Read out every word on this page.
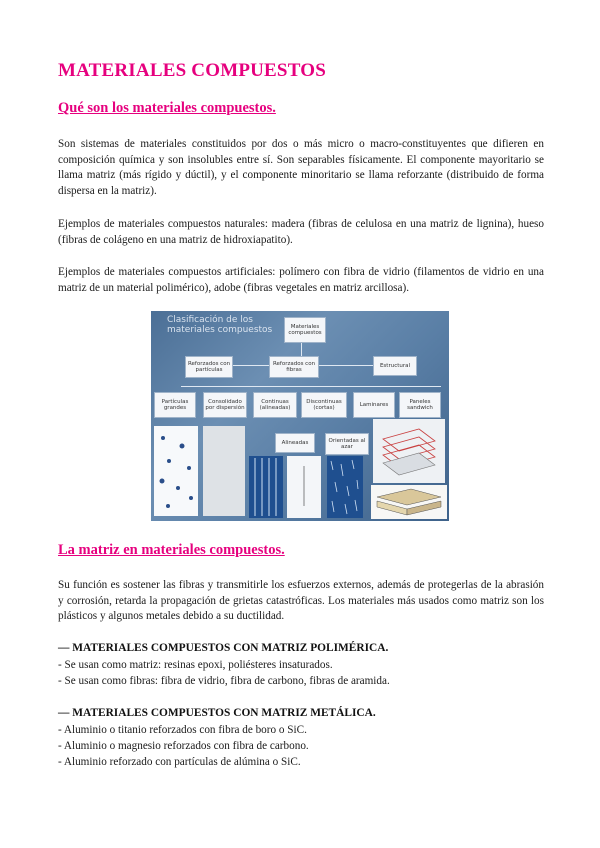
MATERIALES COMPUESTOS
Qué son los materiales compuestos.

Son sistemas de materiales constituidos por dos o más micro o macro-constituyentes que difieren en composición química y son insolubles entre sí. Son separables físicamente. El componente mayoritario se llama matriz (más rígido y dúctil), y el componente minoritario se llama reforzante (distribuido de forma dispersa en la matriz).

Ejemplos de materiales compuestos naturales: madera (fibras de celulosa en una matriz de lignina), hueso (fibras de colágeno en una matriz de hidroxiapatito).

Ejemplos de materiales compuestos artificiales: polímero con fibra de vidrio (filamentos de vidrio en una matriz de un material polimérico), adobe (fibras vegetales en matriz arcillosa).

La matriz en materiales compuestos.

Su función es sostener las fibras y transmitirle los esfuerzos externos, además de protegerlas de la abrasión y corrosión, retarda la propagación de grietas catastróficas. Los materiales más usados como matriz son los plásticos y algunos metales debido a su ductilidad.

— MATERIALES COMPUESTOS CON MATRIZ POLIMÉRICA.

- Se usan como matriz: resinas epoxi, poliésteres insaturados.
- Se usan como fibras: fibra de vidrio, fibra de carbono, fibras de aramida.

— MATERIALES COMPUESTOS CON MATRIZ METÁLICA.

- Aluminio o titanio reforzados con fibra de boro o SiC.
- Aluminio o magnesio reforzados con fibra de carbono.
- Aluminio reforzado con partículas de alúmina o SiC.
Clasificación de los materiales compuestos	Materiales compuestos
Reforzados con partículas
Reforzados con fibras
Estructural
Partículas grandes
Consolidado por dispersión
Continuas (alineadas)
Discontinuas (cortas)
Laminares
Paneles sandwich
Alineadas	Orientadas al azar
